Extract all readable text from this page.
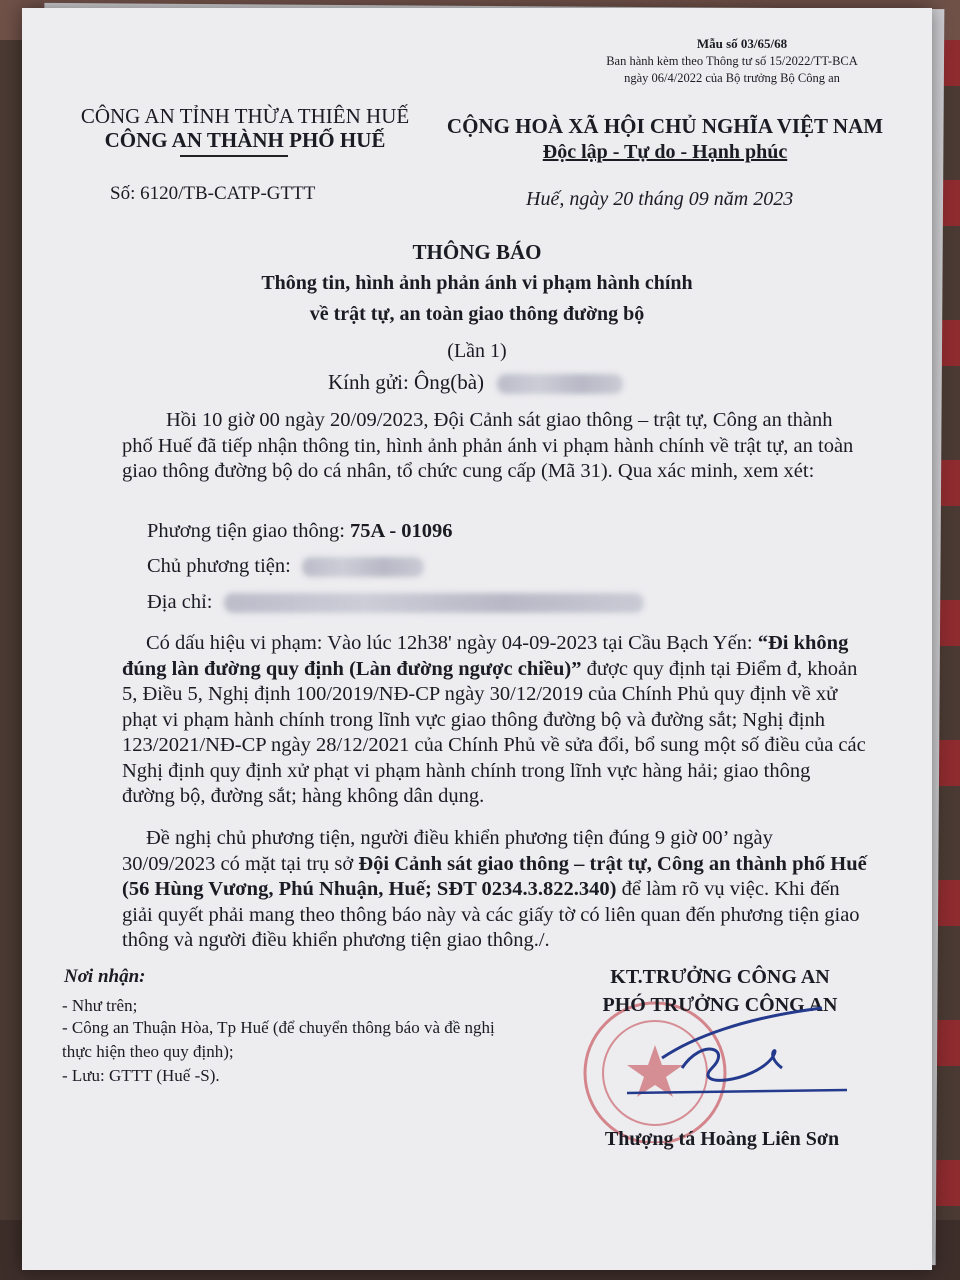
Mẫu số 03/65/68
Ban hành kèm theo Thông tư số 15/2022/TT-BCA
ngày 06/4/2022 của Bộ trưởng Bộ Công an
CÔNG AN TỈNH THỪA THIÊN HUẾ
CÔNG AN THÀNH PHỐ HUẾ
CỘNG HOÀ XÃ HỘI CHỦ NGHĨA VIỆT NAM
Độc lập - Tự do - Hạnh phúc
Số: 6120/TB-CATP-GTTT	Huế, ngày 20 tháng 09 năm 2023
THÔNG BÁO
Thông tin, hình ảnh phản ánh vi phạm hành chính
về trật tự, an toàn giao thông đường bộ
(Lần 1)
Kính gửi: Ông(bà)
Hồi 10 giờ 00 ngày 20/09/2023, Đội Cảnh sát giao thông – trật tự, Công an thành phố Huế đã tiếp nhận thông tin, hình ảnh phản ánh vi phạm hành chính về trật tự, an toàn giao thông đường bộ do cá nhân, tổ chức cung cấp (Mã 31). Qua xác minh, xem xét:
Phương tiện giao thông: 75A - 01096
Chủ phương tiện:
Địa chỉ:
Có dấu hiệu vi phạm: Vào lúc 12h38' ngày 04-09-2023 tại Cầu Bạch Yến: “Đi không đúng làn đường quy định (Làn đường ngược chiều)” được quy định tại Điểm đ, khoản 5, Điều 5, Nghị định 100/2019/NĐ-CP ngày 30/12/2019 của Chính Phủ quy định về xử phạt vi phạm hành chính trong lĩnh vực giao thông đường bộ và đường sắt; Nghị định 123/2021/NĐ-CP ngày 28/12/2021 của Chính Phủ về sửa đổi, bổ sung một số điều của các Nghị định quy định xử phạt vi phạm hành chính trong lĩnh vực hàng hải; giao thông đường bộ, đường sắt; hàng không dân dụng.
Đề nghị chủ phương tiện, người điều khiển phương tiện đúng 9 giờ 00’ ngày 30/09/2023 có mặt tại trụ sở Đội Cảnh sát giao thông – trật tự, Công an thành phố Huế (56 Hùng Vương, Phú Nhuận, Huế; SĐT 0234.3.822.340) để làm rõ vụ việc. Khi đến giải quyết phải mang theo thông báo này và các giấy tờ có liên quan đến phương tiện giao thông và người điều khiển phương tiện giao thông./.
Nơi nhận:
- Như trên;
- Công an Thuận Hòa, Tp Huế (để chuyển thông báo và đề nghị thực hiện theo quy định);
- Lưu: GTTT (Huế -S).
KT.TRƯỞNG CÔNG AN
PHÓ TRƯỞNG CÔNG AN
Thượng tá Hoàng Liên Sơn
